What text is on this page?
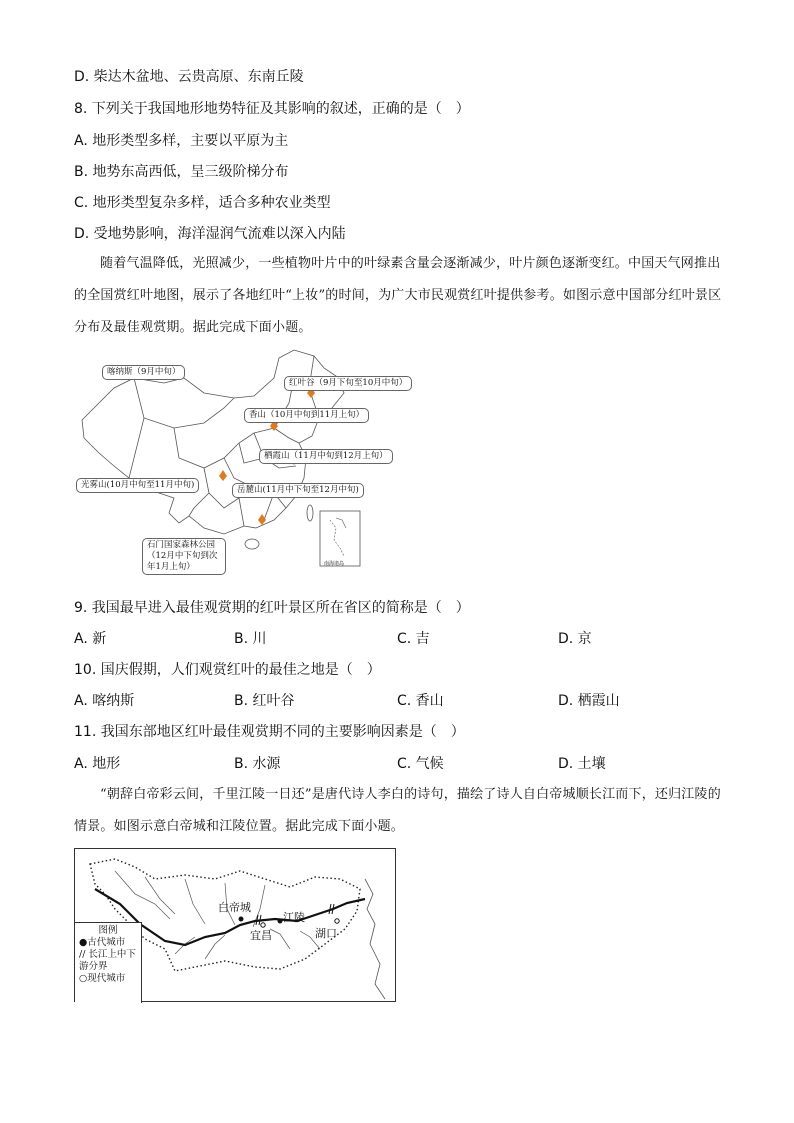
D. 柴达木盆地、云贵高原、东南丘陵
8. 下列关于我国地形地势特征及其影响的叙述，正确的是（　）
A. 地形类型多样，主要以平原为主
B. 地势东高西低，呈三级阶梯分布
C. 地形类型复杂多样，适合多种农业类型
D. 受地势影响，海洋湿润气流难以深入内陆
随着气温降低，光照减少，一些植物叶片中的叶绿素含量会逐渐减少，叶片颜色逐渐变红。中国天气网推出的全国赏红叶地图，展示了各地红叶“上妆”的时间，为广大市民观赏红叶提供参考。如图示意中国部分红叶景区分布及最佳观赏期。据此完成下面小题。
喀纳斯（9月中旬）
红叶谷（9月下旬至10月中旬）
香山（10月中旬到11月上旬）
栖霞山（11月中旬到12月上旬）
光雾山(10月中旬至11月中旬)	岳麓山(11月中下旬至12月中旬)
石门国家森林公园（12月中下旬到次年1月上旬）	南海诸岛
9. 我国最早进入最佳观赏期的红叶景区所在省区的简称是（　）
A. 新	B. 川	C. 吉	D. 京
10. 国庆假期，人们观赏红叶的最佳之地是（　）
A. 喀纳斯	B. 红叶谷	C. 香山	D. 栖霞山
11. 我国东部地区红叶最佳观赏期不同的主要影响因素是（　）
A. 地形	B. 水源	C. 气候	D. 土壤
“朝辞白帝彩云间，千里江陵一日还”是唐代诗人李白的诗句，描绘了诗人自白帝城顺长江而下，还归江陵的情景。如图示意白帝城和江陵位置。据此完成下面小题。
白帝城
江陵
宜昌	湖口
图例
●古代城市
// 长江上中下游分界
○现代城市
